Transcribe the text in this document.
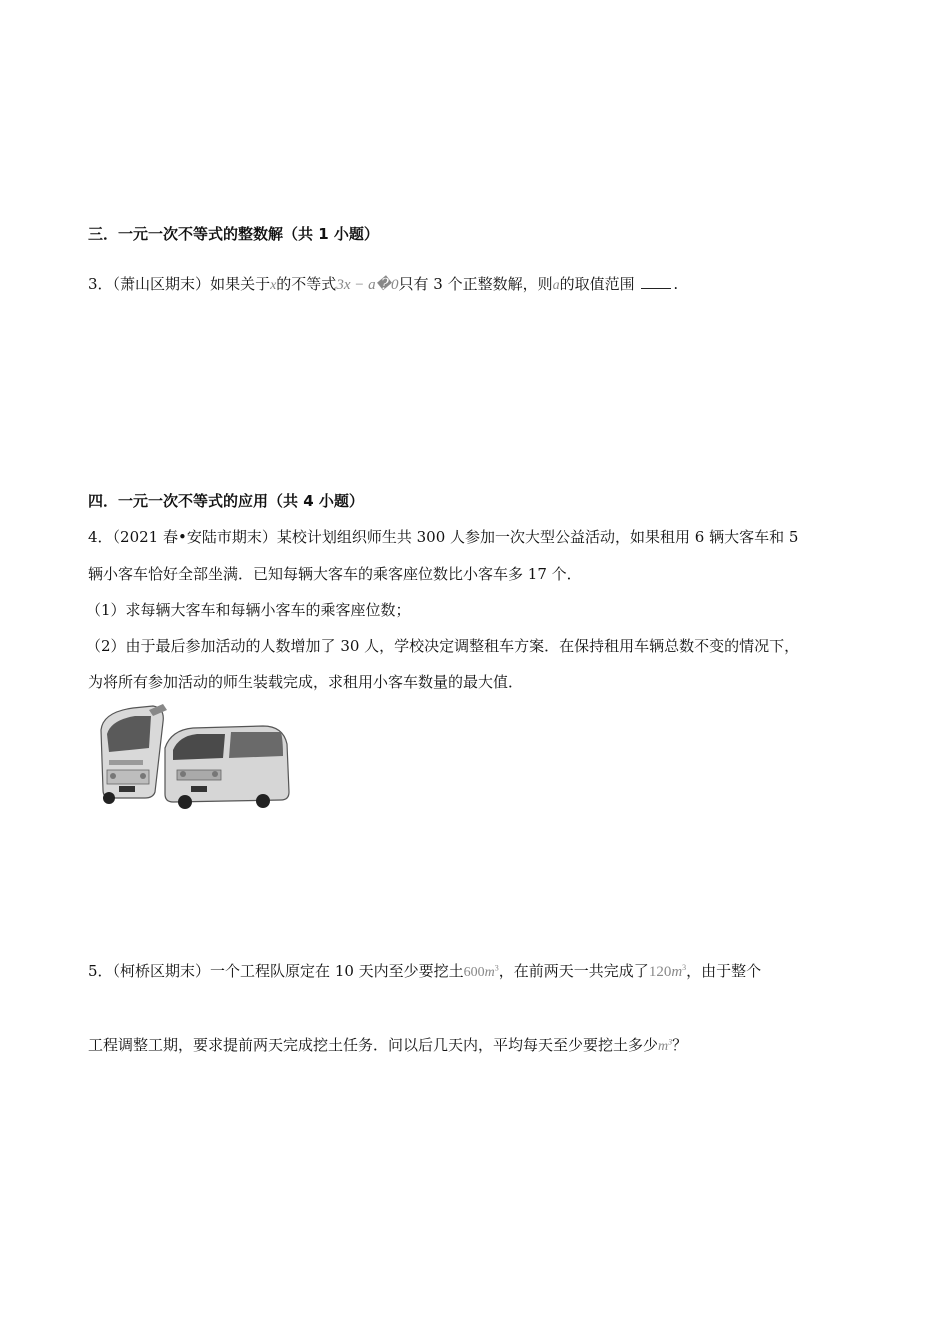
三．一元一次不等式的整数解（共 1 小题）
3．（萧山区期末）如果关于x的不等式3x − a�0只有 3 个正整数解，则a的取值范围	.
四．一元一次不等式的应用（共 4 小题）
4．（2021 春•安陆市期末）某校计划组织师生共 300 人参加一次大型公益活动，如果租用 6 辆大客车和 5
辆小客车恰好全部坐满．已知每辆大客车的乘客座位数比小客车多 17 个．
（1）求每辆大客车和每辆小客车的乘客座位数；
（2）由于最后参加活动的人数增加了 30 人，学校决定调整租车方案．在保持租用车辆总数不变的情况下，
为将所有参加活动的师生装载完成，求租用小客车数量的最大值．
5．（柯桥区期末）一个工程队原定在 10 天内至少要挖土$600m^3$，在前两天一共完成了$120m^3$，由于整个
工程调整工期，要求提前两天完成挖土任务．问以后几天内，平均每天至少要挖土多少$m^3$？
